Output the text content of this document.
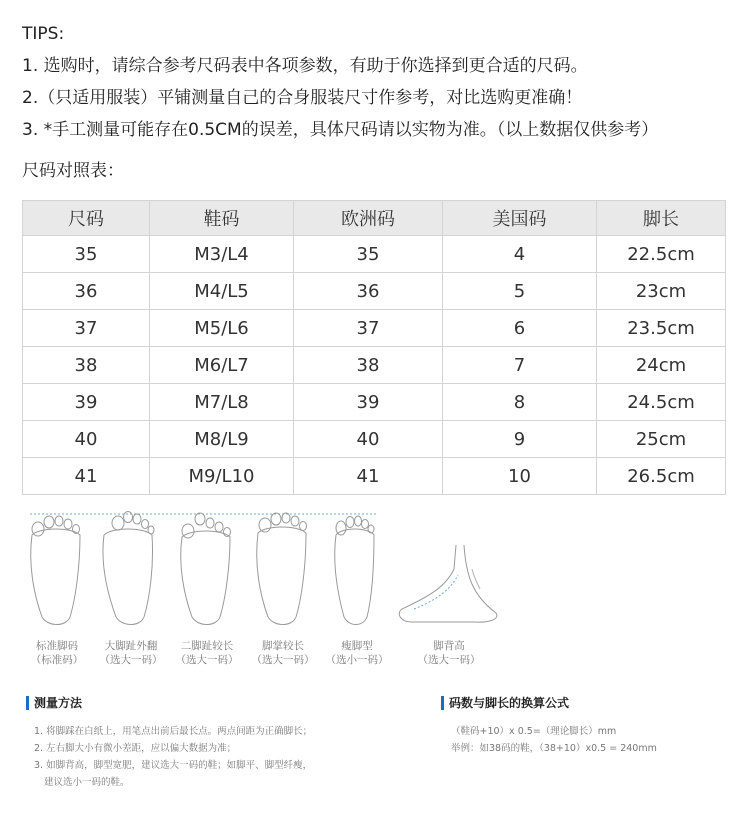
TIPS:
1. 选购时，请综合参考尺码表中各项参数，有助于你选择到更合适的尺码。
2.（只适用服装）平铺测量自己的合身服装尺寸作参考，对比选购更准确！
3. *手工测量可能存在0.5CM的误差，具体尺码请以实物为准。（以上数据仅供参考）
尺码对照表：
尺码	鞋码	欧洲码	美国码	脚长
35	M3/L4	35	4	22.5cm
36	M4/L5	36	5	23cm
37	M5/L6	37	6	23.5cm
38	M6/L7	38	7	24cm
39	M7/L8	39	8	24.5cm
40	M8/L9	40	9	25cm
41	M9/L10	41	10	26.5cm
标准脚码
（标准码）
大脚趾外翻
（选大一码）
二脚趾较长
（选大一码）
脚掌较长
（选大一码）
瘦脚型
（选小一码）
脚背高
（选大一码）
测量方法
1. 将脚踩在白纸上，用笔点出前后最长点。两点间距为正确脚长；
2. 左右脚大小有微小差距，应以偏大数据为准；
3. 如脚背高，脚型宽肥，建议选大一码的鞋；如脚平、脚型纤瘦，
建议选小一码的鞋。
码数与脚长的换算公式
（鞋码+10）x 0.5=（理论脚长）mm
举例：如38码的鞋，（38+10）x0.5 = 240mm
